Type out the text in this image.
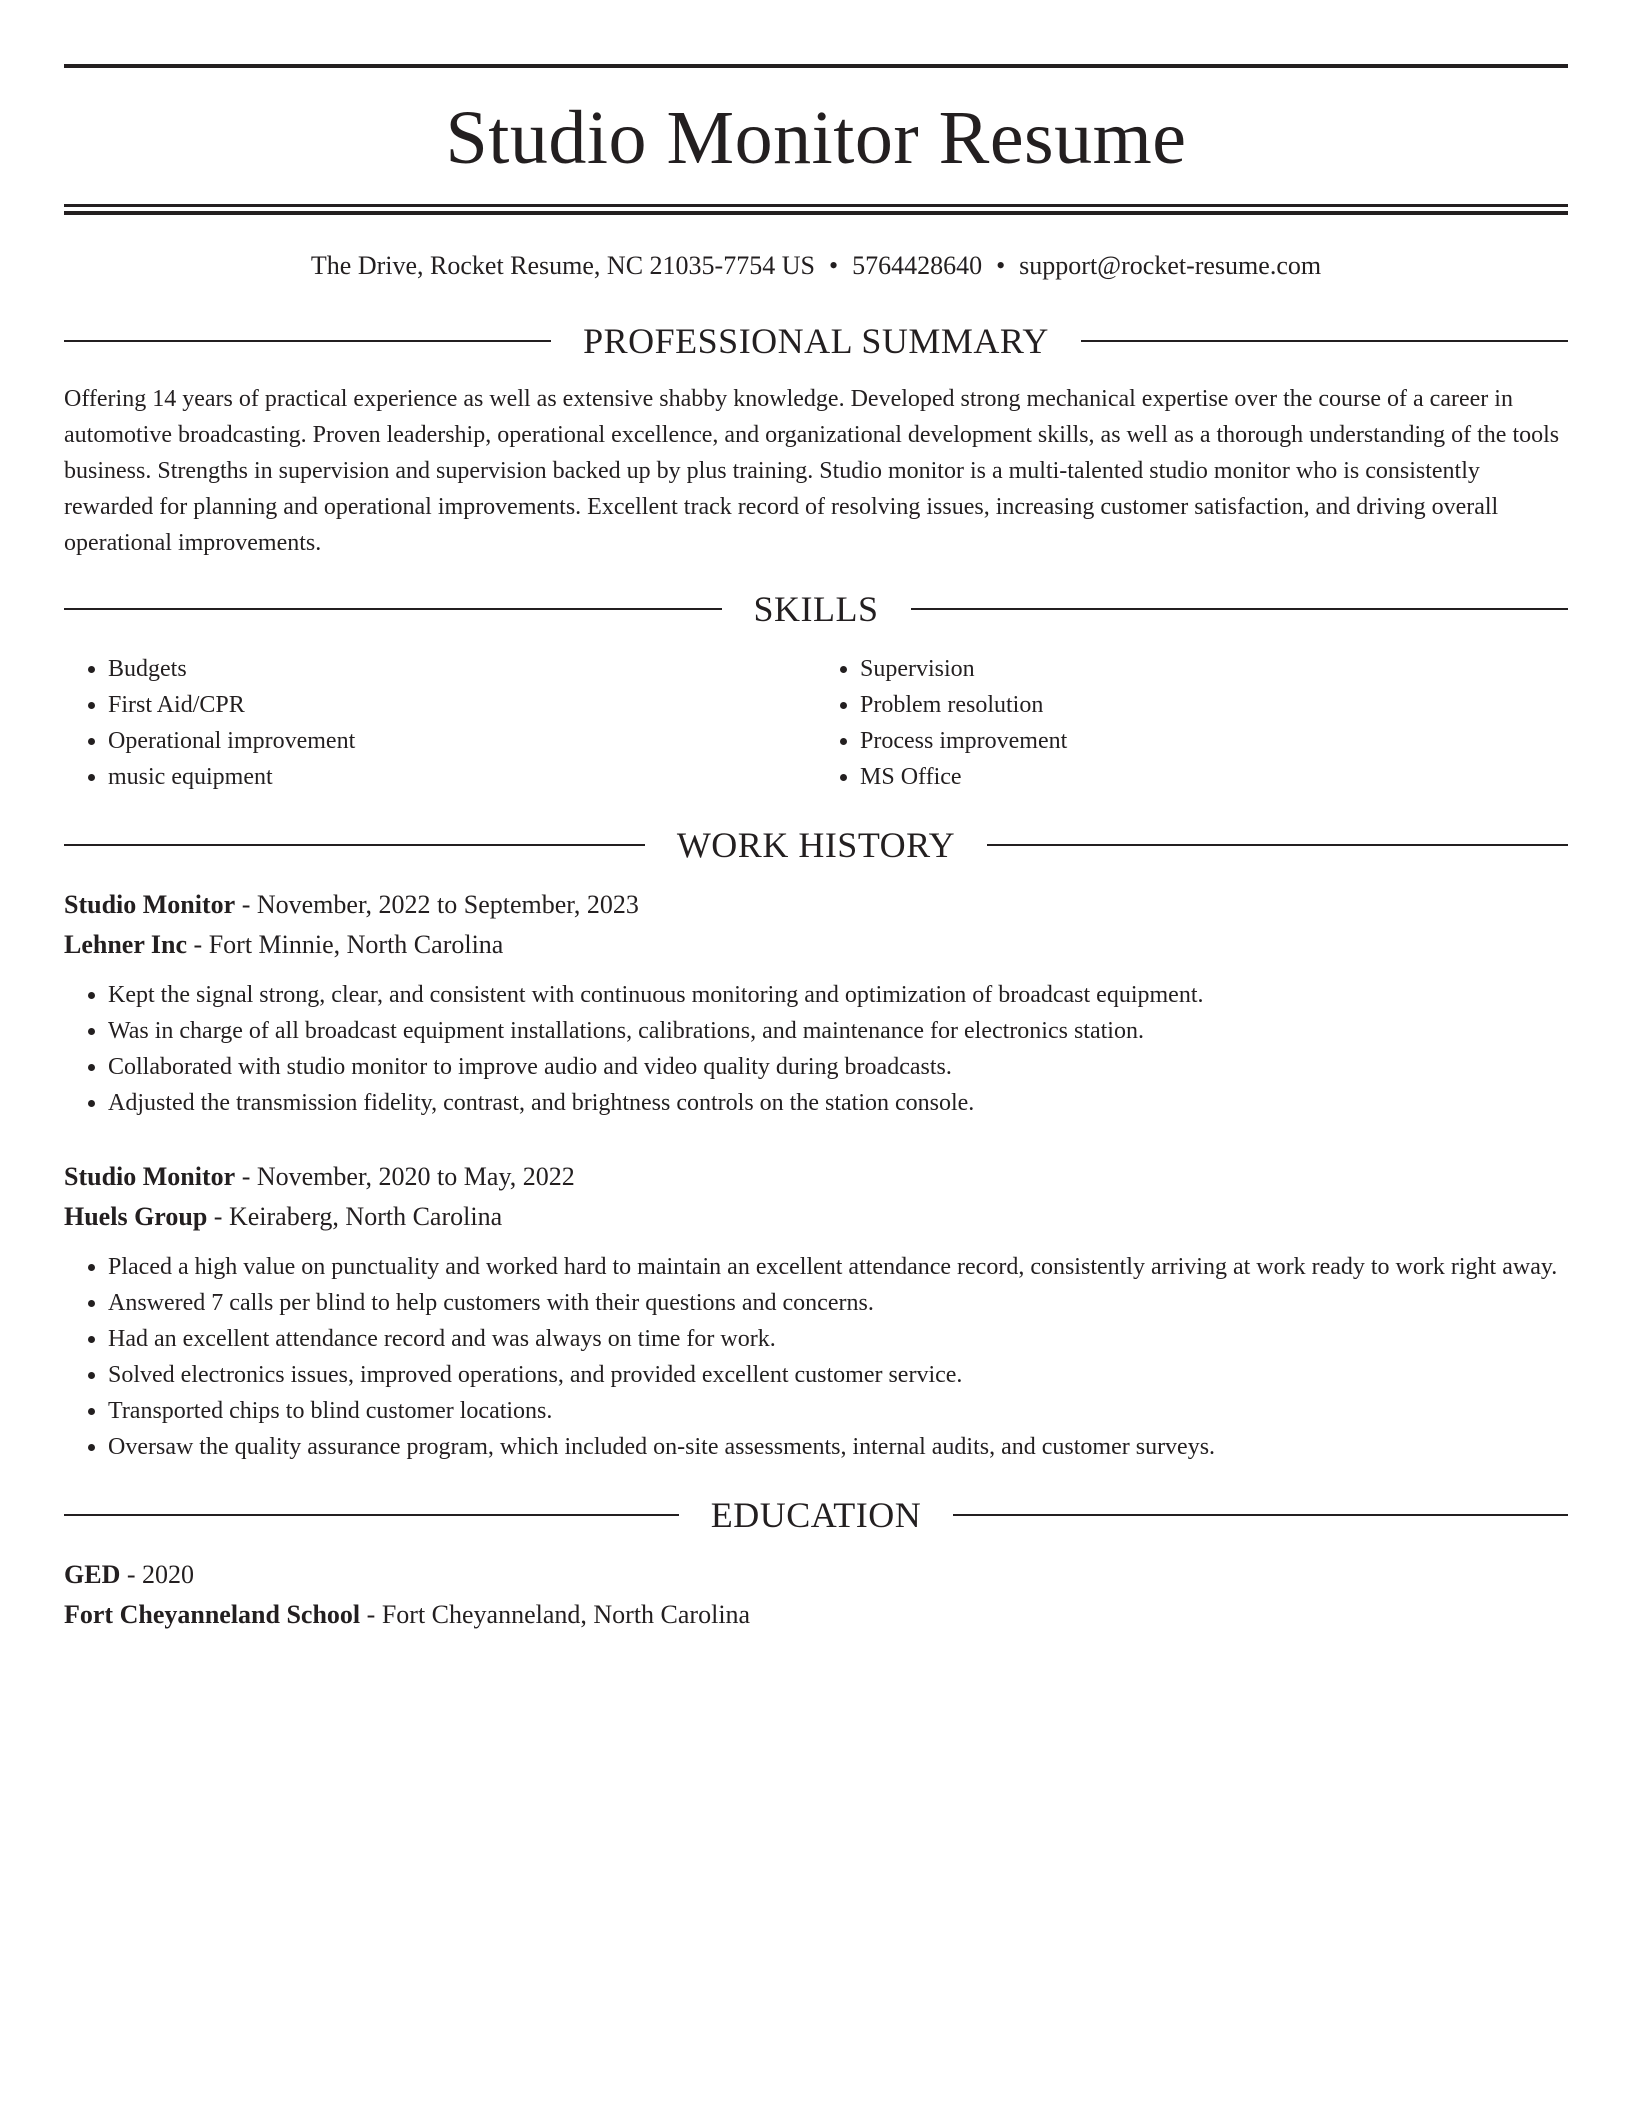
Studio Monitor Resume
The Drive, Rocket Resume, NC 21035-7754 US • 5764428640 • support@rocket-resume.com
PROFESSIONAL SUMMARY

Offering 14 years of practical experience as well as extensive shabby knowledge. Developed strong mechanical expertise over the course of a career in automotive broadcasting. Proven leadership, operational excellence, and organizational development skills, as well as a thorough understanding of the tools business. Strengths in supervision and supervision backed up by plus training. Studio monitor is a multi-talented studio monitor who is consistently rewarded for planning and operational improvements. Excellent track record of resolving issues, increasing customer satisfaction, and driving overall operational improvements.

SKILLS
• Budgets
• First Aid/CPR
• Operational improvement
• music equipment
• Supervision
• Problem resolution
• Process improvement
• MS Office
WORK HISTORY
Studio Monitor - November, 2022 to September, 2023
Lehner Inc - Fort Minnie, North Carolina
• Kept the signal strong, clear, and consistent with continuous monitoring and optimization of broadcast equipment.
• Was in charge of all broadcast equipment installations, calibrations, and maintenance for electronics station.
• Collaborated with studio monitor to improve audio and video quality during broadcasts.
• Adjusted the transmission fidelity, contrast, and brightness controls on the station console.
Studio Monitor - November, 2020 to May, 2022
Huels Group - Keiraberg, North Carolina
• Placed a high value on punctuality and worked hard to maintain an excellent attendance record, consistently arriving at work ready to work right away.
• Answered 7 calls per blind to help customers with their questions and concerns.
• Had an excellent attendance record and was always on time for work.
• Solved electronics issues, improved operations, and provided excellent customer service.
• Transported chips to blind customer locations.
• Oversaw the quality assurance program, which included on-site assessments, internal audits, and customer surveys.
EDUCATION
GED - 2020
Fort Cheyanneland School - Fort Cheyanneland, North Carolina
